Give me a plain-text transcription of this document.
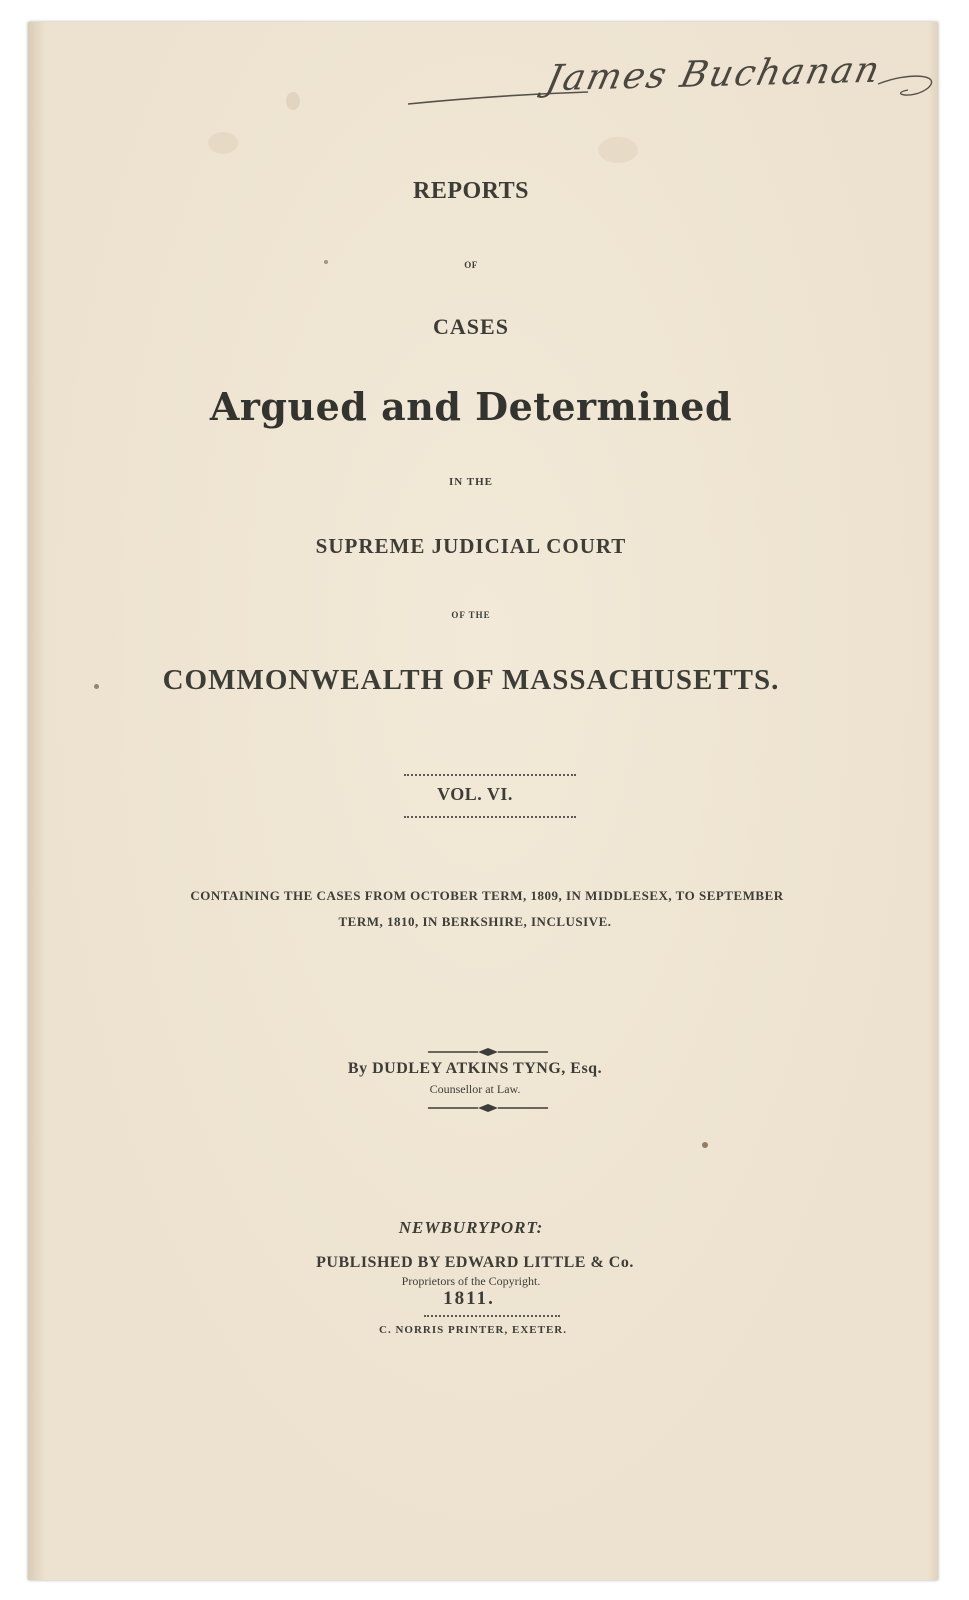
James Buchanan
REPORTS
OF
CASES
Argued and Determined
IN THE
SUPREME JUDICIAL COURT
OF THE
COMMONWEALTH OF MASSACHUSETTS.
VOL. VI.
CONTAINING THE CASES FROM OCTOBER TERM, 1809, IN MIDDLESEX, TO SEPTEMBER
TERM, 1810, IN BERKSHIRE, INCLUSIVE.
By DUDLEY ATKINS TYNG, Esq.
Counsellor at Law.
NEWBURYPORT:
PUBLISHED BY EDWARD LITTLE & Co.
Proprietors of the Copyright.
1811.
C. NORRIS PRINTER, EXETER.
